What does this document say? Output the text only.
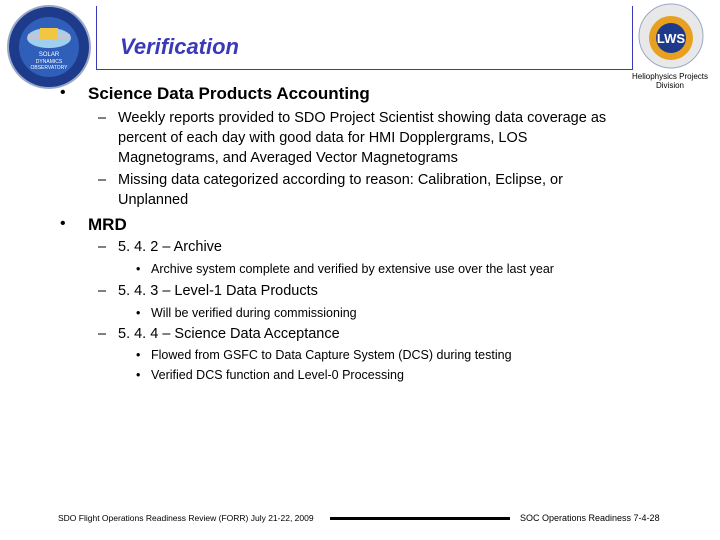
SOLAR
DYNAMICS
OBSERVATORY
Verification	LWS
Heliophysics Projects Division
• Science Data Products Accounting
– Weekly reports provided to SDO Project Scientist showing data coverage as
percent of each day with good data for HMI Dopplergrams, LOS
Magnetograms, and Averaged Vector Magnetograms
– Missing data categorized according to reason: Calibration, Eclipse, or
Unplanned
• MRD
– 5. 4. 2 – Archive
• Archive system complete and verified by extensive use over the last year
– 5. 4. 3 – Level-1 Data Products
• Will be verified during commissioning
– 5. 4. 4 – Science Data Acceptance
• Flowed from GSFC to Data Capture System (DCS) during testing
• Verified DCS function and Level-0 Processing
SDO Flight Operations Readiness Review (FORR) July 21-22, 2009	SOC Operations Readiness 7-4-28
